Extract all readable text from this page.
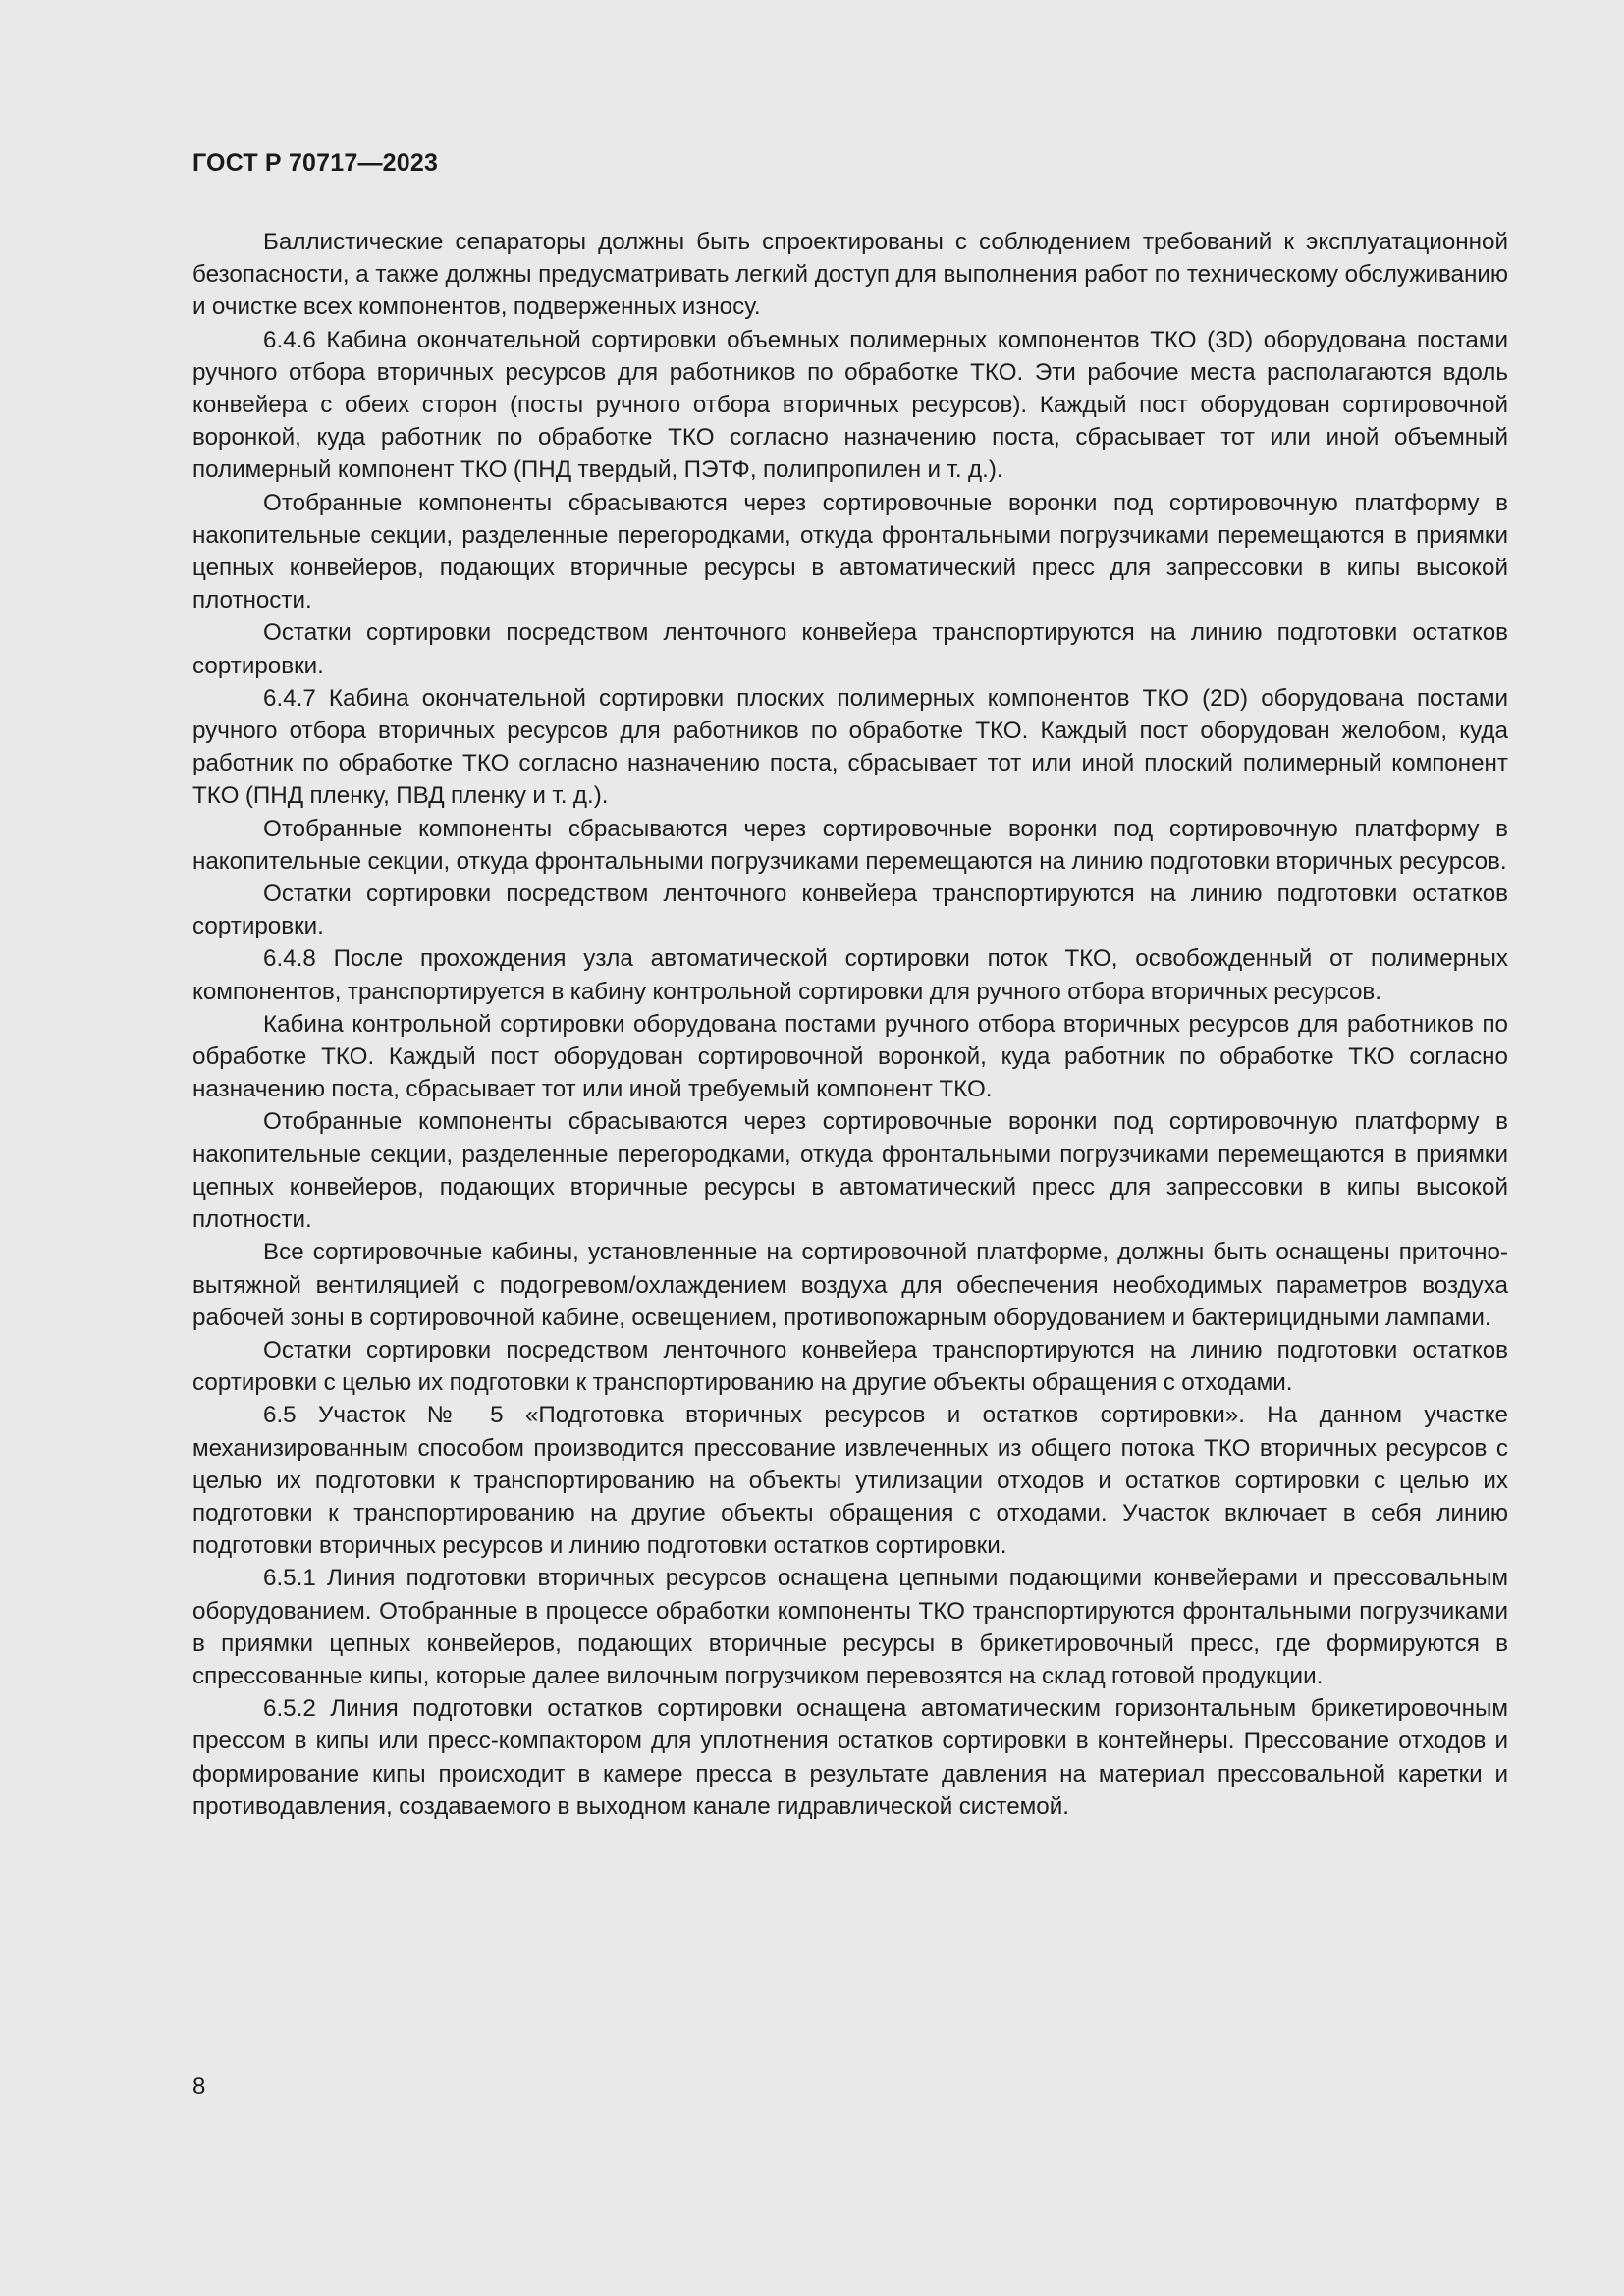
ГОСТ Р 70717—2023

Баллистические сепараторы должны быть спроектированы с соблюдением требований к эксплуатационной безопасности, а также должны предусматривать легкий доступ для выполнения работ по техническому обслуживанию и очистке всех компонентов, подверженных износу.

6.4.6 Кабина окончательной сортировки объемных полимерных компонентов ТКО (3D) оборудована постами ручного отбора вторичных ресурсов для работников по обработке ТКО. Эти рабочие места располагаются вдоль конвейера с обеих сторон (посты ручного отбора вторичных ресурсов). Каждый пост оборудован сортировочной воронкой, куда работник по обработке ТКО согласно назначению поста, сбрасывает тот или иной объемный полимерный компонент ТКО (ПНД твердый, ПЭТФ, полипропилен и т. д.).

Отобранные компоненты сбрасываются через сортировочные воронки под сортировочную платформу в накопительные секции, разделенные перегородками, откуда фронтальными погрузчиками перемещаются в приямки цепных конвейеров, подающих вторичные ресурсы в автоматический пресс для запрессовки в кипы высокой плотности.

Остатки сортировки посредством ленточного конвейера транспортируются на линию подготовки остатков сортировки.

6.4.7 Кабина окончательной сортировки плоских полимерных компонентов ТКО (2D) оборудована постами ручного отбора вторичных ресурсов для работников по обработке ТКО. Каждый пост оборудован желобом, куда работник по обработке ТКО согласно назначению поста, сбрасывает тот или иной плоский полимерный компонент ТКО (ПНД пленку, ПВД пленку и т. д.).

Отобранные компоненты сбрасываются через сортировочные воронки под сортировочную платформу в накопительные секции, откуда фронтальными погрузчиками перемещаются на линию подготовки вторичных ресурсов.

Остатки сортировки посредством ленточного конвейера транспортируются на линию подготовки остатков сортировки.

6.4.8 После прохождения узла автоматической сортировки поток ТКО, освобожденный от полимерных компонентов, транспортируется в кабину контрольной сортировки для ручного отбора вторичных ресурсов.

Кабина контрольной сортировки оборудована постами ручного отбора вторичных ресурсов для работников по обработке ТКО. Каждый пост оборудован сортировочной воронкой, куда работник по обработке ТКО согласно назначению поста, сбрасывает тот или иной требуемый компонент ТКО.

Отобранные компоненты сбрасываются через сортировочные воронки под сортировочную платформу в накопительные секции, разделенные перегородками, откуда фронтальными погрузчиками перемещаются в приямки цепных конвейеров, подающих вторичные ресурсы в автоматический пресс для запрессовки в кипы высокой плотности.

Все сортировочные кабины, установленные на сортировочной платформе, должны быть оснащены приточно-вытяжной вентиляцией с подогревом/охлаждением воздуха для обеспечения необходимых параметров воздуха рабочей зоны в сортировочной кабине, освещением, противопожарным оборудованием и бактерицидными лампами.

Остатки сортировки посредством ленточного конвейера транспортируются на линию подготовки остатков сортировки с целью их подготовки к транспортированию на другие объекты обращения с отходами.

6.5 Участок № 5 «Подготовка вторичных ресурсов и остатков сортировки». На данном участке механизированным способом производится прессование извлеченных из общего потока ТКО вторичных ресурсов с целью их подготовки к транспортированию на объекты утилизации отходов и остатков сортировки с целью их подготовки к транспортированию на другие объекты обращения с отходами. Участок включает в себя линию подготовки вторичных ресурсов и линию подготовки остатков сортировки.

6.5.1 Линия подготовки вторичных ресурсов оснащена цепными подающими конвейерами и прессовальным оборудованием. Отобранные в процессе обработки компоненты ТКО транспортируются фронтальными погрузчиками в приямки цепных конвейеров, подающих вторичные ресурсы в брикетировочный пресс, где формируются в спрессованные кипы, которые далее вилочным погрузчиком перевозятся на склад готовой продукции.

6.5.2 Линия подготовки остатков сортировки оснащена автоматическим горизонтальным брикетировочным прессом в кипы или пресс-компактором для уплотнения остатков сортировки в контейнеры. Прессование отходов и формирование кипы происходит в камере пресса в результате давления на материал прессовальной каретки и противодавления, создаваемого в выходном канале гидравлической системой.

8
